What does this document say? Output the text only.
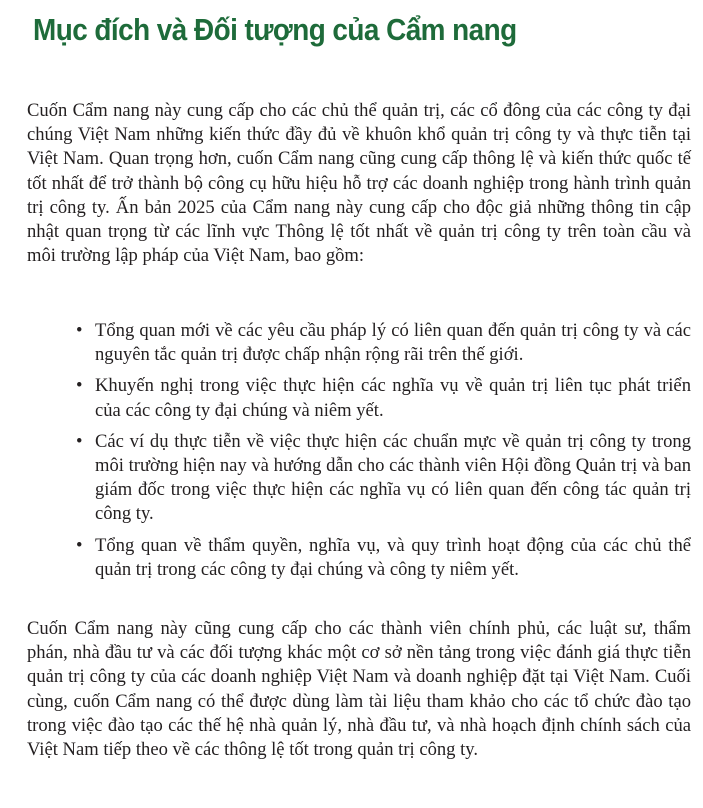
Mục đích và Đối tượng của Cẩm nang

Cuốn Cẩm nang này cung cấp cho các chủ thể quản trị, các cổ đông của các công ty đại chúng Việt Nam những kiến thức đầy đủ về khuôn khổ quản trị công ty và thực tiễn tại Việt Nam. Quan trọng hơn, cuốn Cẩm nang cũng cung cấp thông lệ và kiến thức quốc tế tốt nhất để trở thành bộ công cụ hữu hiệu hỗ trợ các doanh nghiệp trong hành trình quản trị công ty. Ấn bản 2025 của Cẩm nang này cung cấp cho độc giả những thông tin cập nhật quan trọng từ các lĩnh vực Thông lệ tốt nhất về quản trị công ty trên toàn cầu và môi trường lập pháp của Việt Nam, bao gồm:

• Tổng quan mới về các yêu cầu pháp lý có liên quan đến quản trị công ty và các nguyên tắc quản trị được chấp nhận rộng rãi trên thế giới.
• Khuyến nghị trong việc thực hiện các nghĩa vụ về quản trị liên tục phát triển của các công ty đại chúng và niêm yết.
• Các ví dụ thực tiễn về việc thực hiện các chuẩn mực về quản trị công ty trong môi trường hiện nay và hướng dẫn cho các thành viên Hội đồng Quản trị và ban giám đốc trong việc thực hiện các nghĩa vụ có liên quan đến công tác quản trị công ty.
• Tổng quan về thẩm quyền, nghĩa vụ, và quy trình hoạt động của các chủ thể quản trị trong các công ty đại chúng và công ty niêm yết.

Cuốn Cẩm nang này cũng cung cấp cho các thành viên chính phủ, các luật sư, thẩm phán, nhà đầu tư và các đối tượng khác một cơ sở nền tảng trong việc đánh giá thực tiễn quản trị công ty của các doanh nghiệp Việt Nam và doanh nghiệp đặt tại Việt Nam. Cuối cùng, cuốn Cẩm nang có thể được dùng làm tài liệu tham khảo cho các tổ chức đào tạo trong việc đào tạo các thế hệ nhà quản lý, nhà đầu tư, và nhà hoạch định chính sách của Việt Nam tiếp theo về các thông lệ tốt trong quản trị công ty.
